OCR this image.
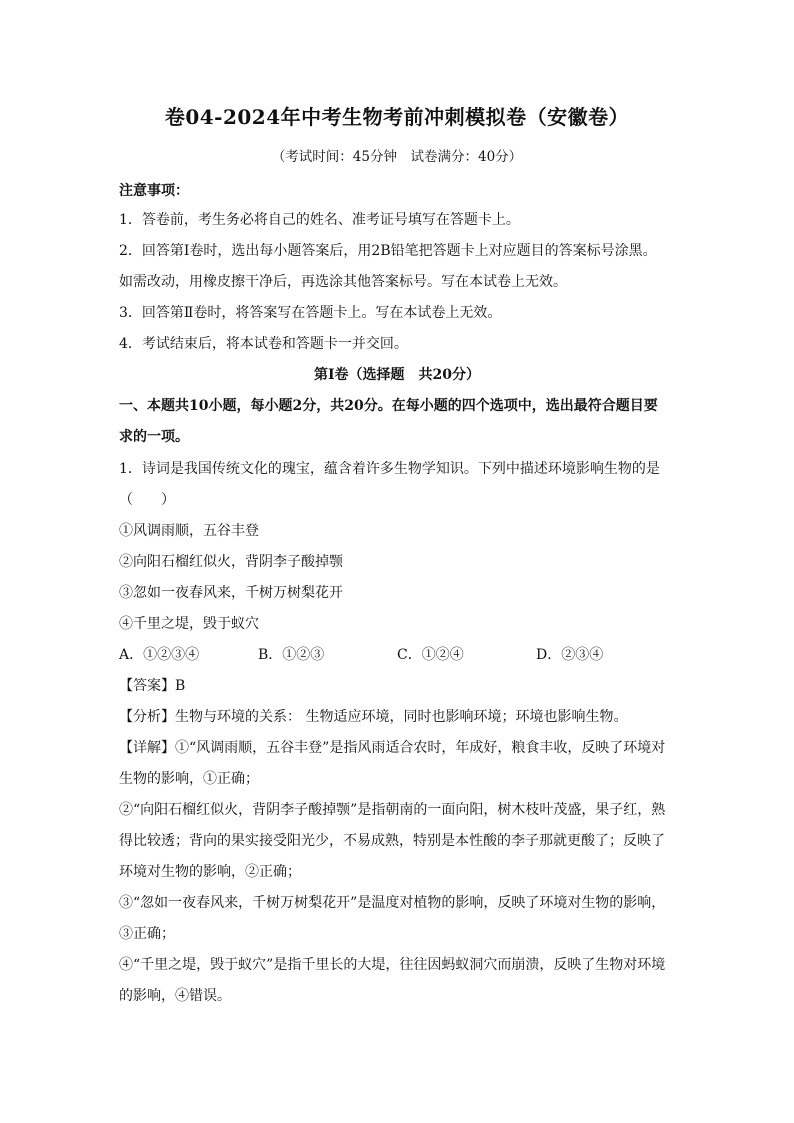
卷04-2024年中考生物考前冲刺模拟卷（安徽卷）
（考试时间：45分钟　试卷满分：40分）
注意事项：
1．答卷前，考生务必将自己的姓名、准考证号填写在答题卡上。
2．回答第Ⅰ卷时，选出每小题答案后，用2B铅笔把答题卡上对应题目的答案标号涂黑。
如需改动，用橡皮擦干净后，再选涂其他答案标号。写在本试卷上无效。
3．回答第Ⅱ卷时，将答案写在答题卡上。写在本试卷上无效。
4．考试结束后，将本试卷和答题卡一并交回。
第Ⅰ卷（选择题　共20分）
一、本题共10小题，每小题2分，共20分。在每小题的四个选项中，选出最符合题目要
求的一项。
1．诗词是我国传统文化的瑰宝，蕴含着许多生物学知识。下列中描述环境影响生物的是
（　　）
①风调雨顺，五谷丰登
②向阳石榴红似火，背阴李子酸掉颚
③忽如一夜春风来，千树万树梨花开
④千里之堤，毁于蚁穴
A．①②③④	B．①②③	C．①②④	D．②③④
【答案】B
【分析】生物与环境的关系： 生物适应环境，同时也影响环境；环境也影响生物。
【详解】①“风调雨顺，五谷丰登”是指风雨适合农时，年成好，粮食丰收，反映了环境对
生物的影响，①正确；
②“向阳石榴红似火，背阴李子酸掉颚”是指朝南的一面向阳，树木枝叶茂盛，果子红，熟
得比较透；背向的果实接受阳光少，不易成熟，特别是本性酸的李子那就更酸了；反映了
环境对生物的影响，②正确；
③“忽如一夜春风来，千树万树梨花开”是温度对植物的影响，反映了环境对生物的影响，
③正确；
④“千里之堤，毁于蚁穴”是指千里长的大堤，往往因蚂蚁洞穴而崩溃，反映了生物对环境
的影响，④错误。
